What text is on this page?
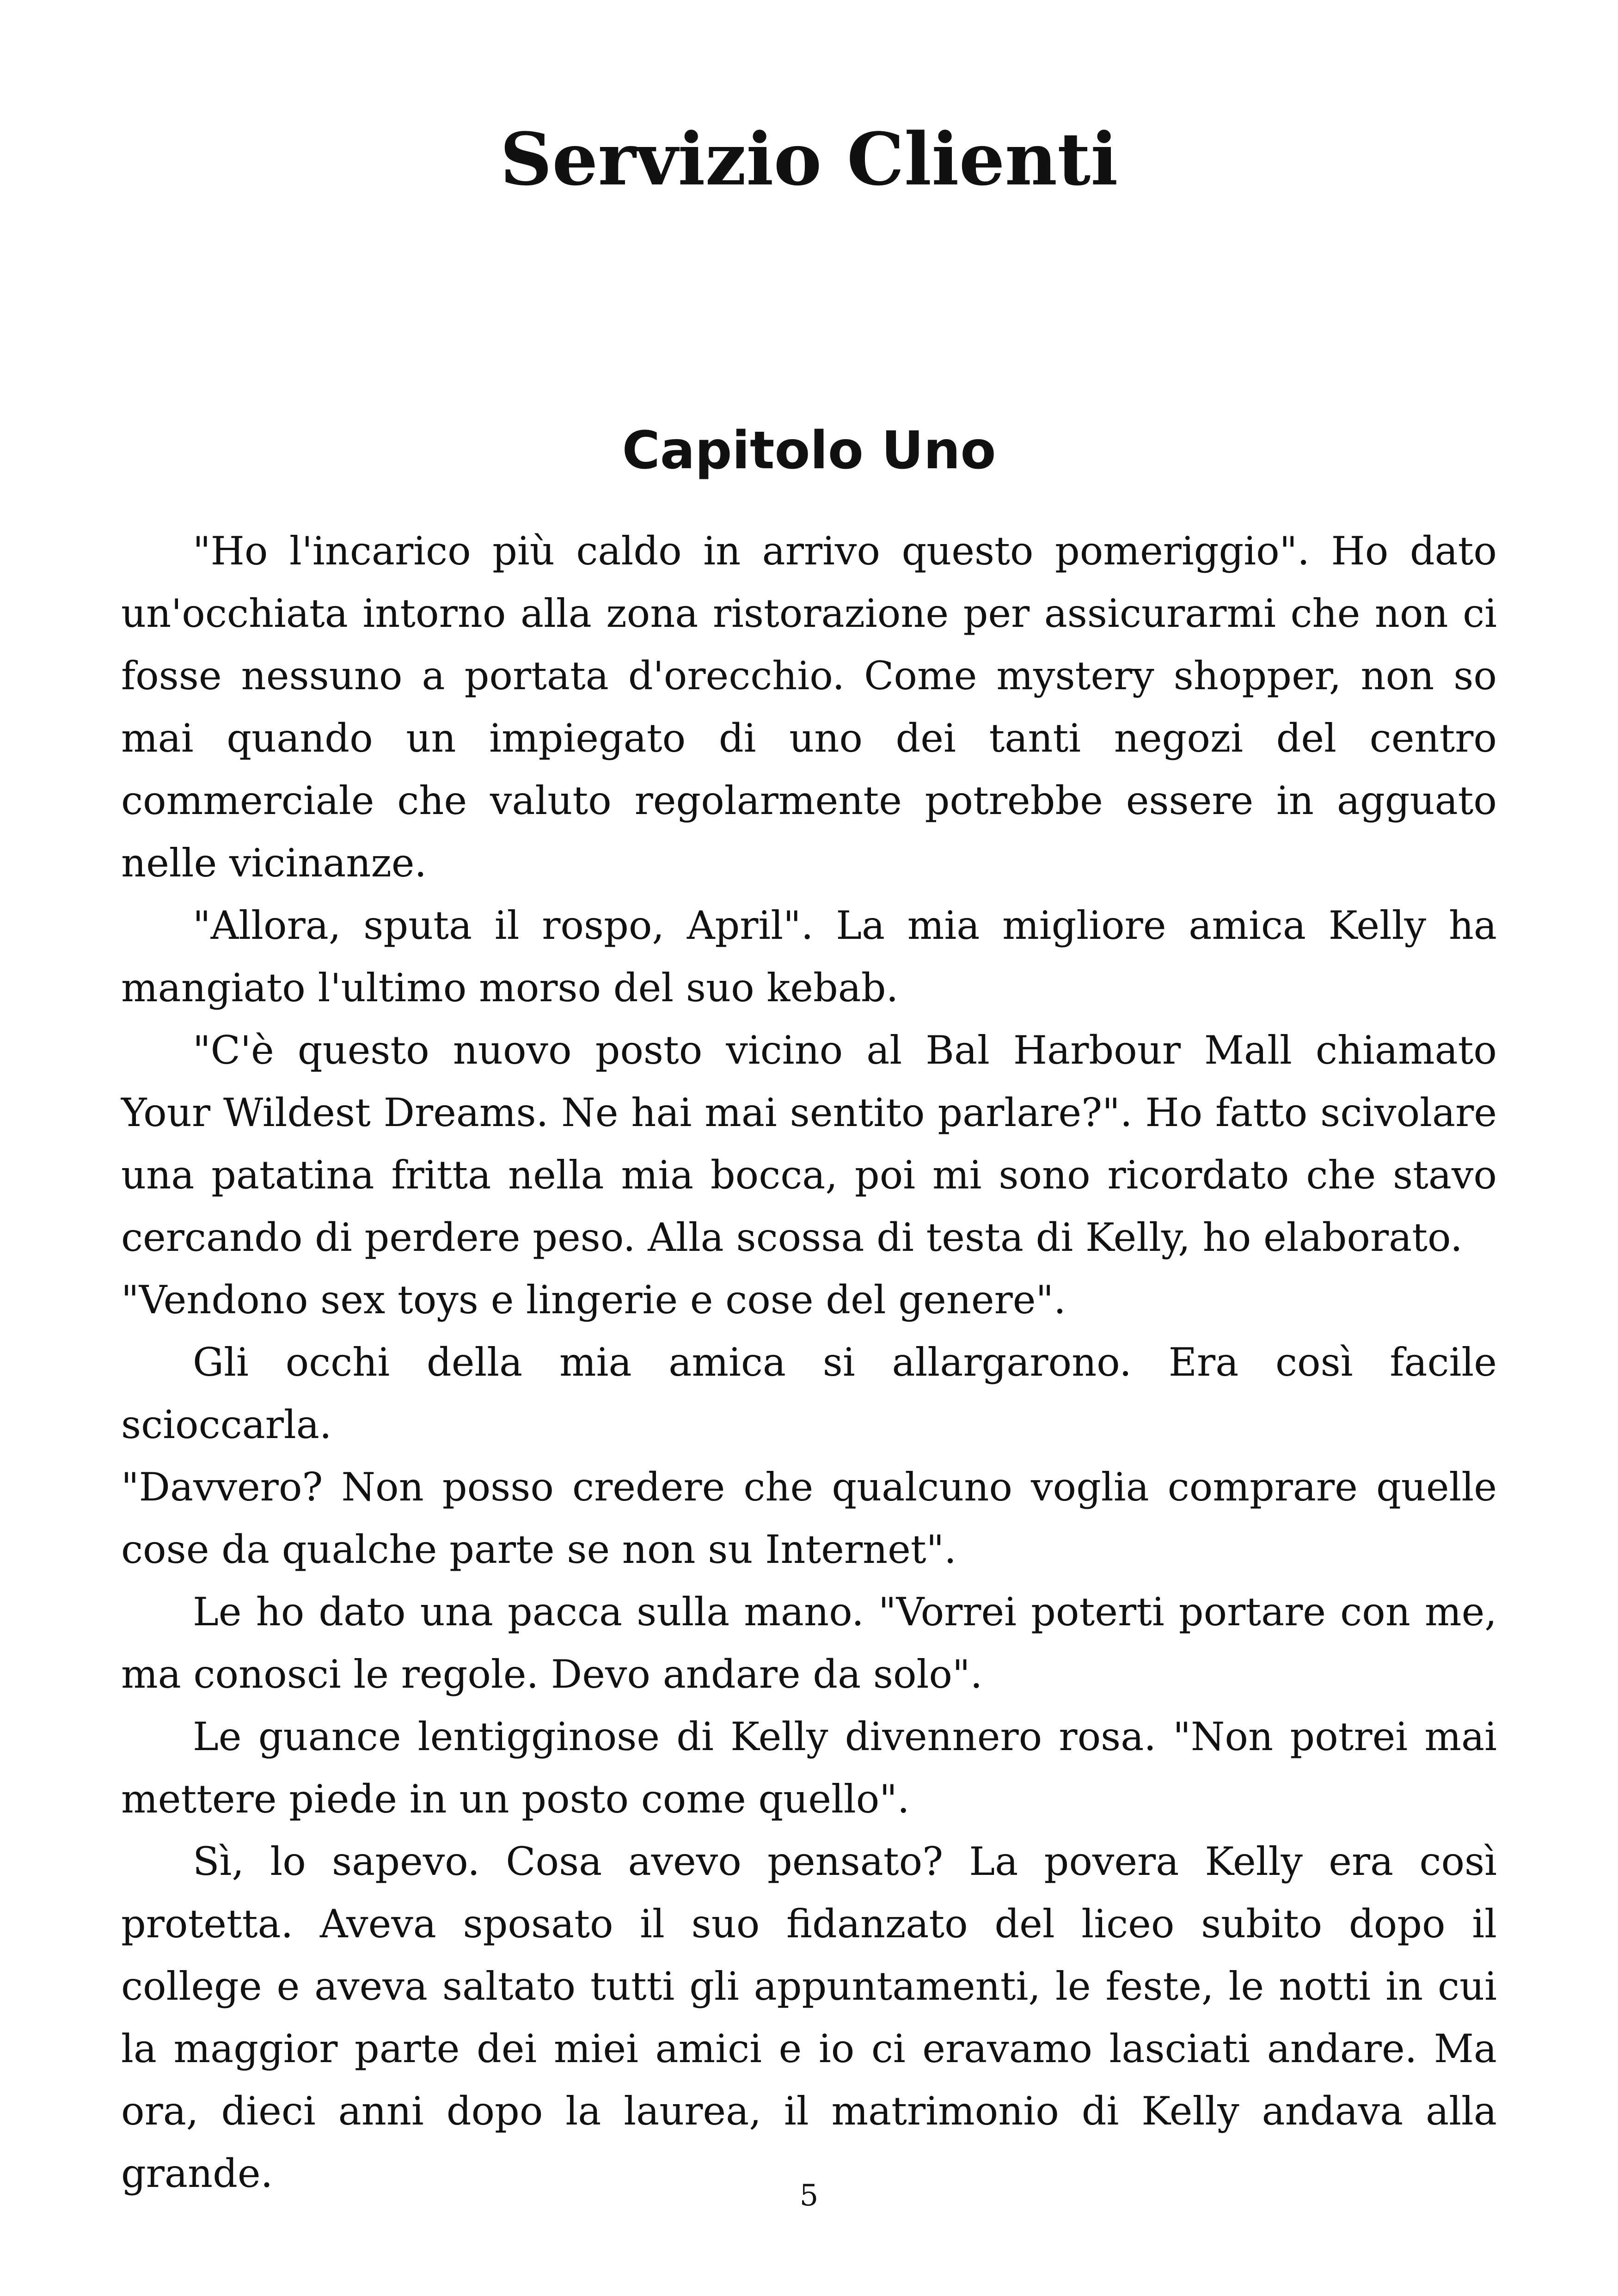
Servizio Clienti
Capitolo Uno

"Ho l'incarico più caldo in arrivo questo pomeriggio". Ho dato un'occhiata intorno alla zona ristorazione per assicurarmi che non ci fosse nessuno a portata d'orecchio. Come mystery shopper, non so mai quando un impiegato di uno dei tanti negozi del centro commerciale che valuto regolarmente potrebbe essere in agguato nelle vicinanze.

"Allora, sputa il rospo, April". La mia migliore amica Kelly ha mangiato l'ultimo morso del suo kebab.

"C'è questo nuovo posto vicino al Bal Harbour Mall chiamato Your Wildest Dreams. Ne hai mai sentito parlare?". Ho fatto scivolare una patatina fritta nella mia bocca, poi mi sono ricordato che stavo cercando di perdere peso. Alla scossa di testa di Kelly, ho elaborato.

"Vendono sex toys e lingerie e cose del genere".

Gli occhi della mia amica si allargarono. Era così facile scioccarla.

"Davvero? Non posso credere che qualcuno voglia comprare quelle cose da qualche parte se non su Internet".

Le ho dato una pacca sulla mano. "Vorrei poterti portare con me, ma conosci le regole. Devo andare da solo".

Le guance lentigginose di Kelly divennero rosa. "Non potrei mai mettere piede in un posto come quello".

Sì, lo sapevo. Cosa avevo pensato? La povera Kelly era così protetta. Aveva sposato il suo fidanzato del liceo subito dopo il college e aveva saltato tutti gli appuntamenti, le feste, le notti in cui la maggior parte dei miei amici e io ci eravamo lasciati andare. Ma ora, dieci anni dopo la laurea, il matrimonio di Kelly andava alla grande.	5
